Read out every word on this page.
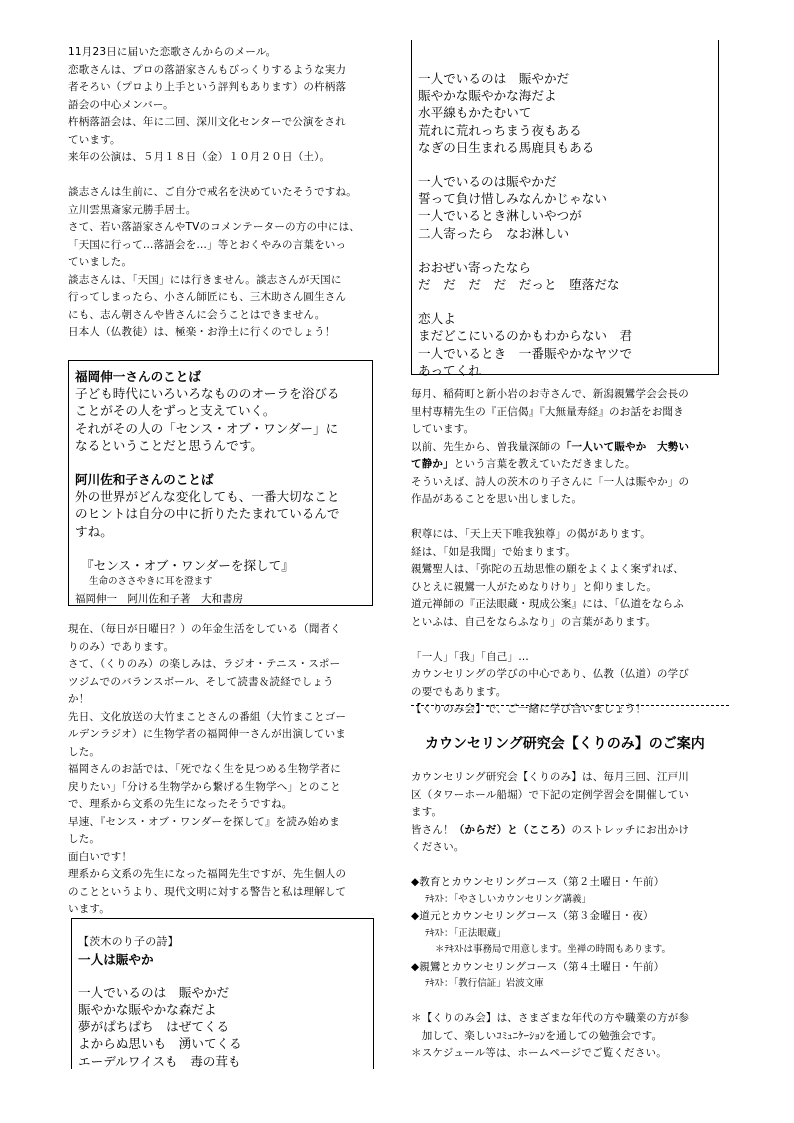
11月23日に届いた恋歌さんからのメール。

恋歌さんは、プロの落語家さんもびっくりするような実力

者そろい（プロより上手という評判もあります）の杵柄落

語会の中心メンバー。

杵柄落語会は、年に二回、深川文化センターで公演をされ

ています。

来年の公演は、５月１８日（金）１０月２０日（土）。

談志さんは生前に、ご自分で戒名を決めていたそうですね。

立川雲黒斎家元勝手居士。

さて、若い落語家さんやTVのコメンテーターの方の中には、

「天国に行って…落語会を…」等とおくやみの言葉をいっ

ていました。

談志さんは、「天国」には行きません。談志さんが天国に

行ってしまったら、小さん師匠にも、三木助さん圓生さん

にも、志ん朝さんや皆さんに会うことはできません。

日本人（仏教徒）は、極楽・お浄土に行くのでしょう！

福岡伸一さんのことば

子ども時代にいろいろなもののオーラを浴びる

ことがその人をずっと支えていく。

それがその人の「センス・オブ・ワンダー」に

なるということだと思うんです。

阿川佐和子さんのことば

外の世界がどんな変化しても、一番大切なこと

のヒントは自分の中に折りたたまれているんで

すね。

『センス・オブ・ワンダーを探して』

生命のささやきに耳を澄ます

福岡伸一　阿川佐和子著　大和書房

現在、（毎日が日曜日？）の年金生活をしている（聞者く

りのみ）であります。

さて、（くりのみ）の楽しみは、ラジオ・テニス・スポー

ツジムでのバランスボール、そして読書＆読経でしょう

か！

先日、文化放送の大竹まことさんの番組（大竹まことゴー

ルデンラジオ）に生物学者の福岡伸一さんが出演していま

した。

福岡さんのお話では、「死でなく生を見つめる生物学者に

戻りたい」「分ける生物学から繋げる生物学へ」とのこと

で、理系から文系の先生になったそうですね。

早速、『センス・オブ・ワンダーを探して』を読み始めま

した。

面白いです！

理系から文系の先生になった福岡先生ですが、先生個人の

のことというより、現代文明に対する警告と私は理解して

います。

【茨木のり子の詩】

一人は賑やか

一人でいるのは　賑やかだ

賑やかな賑やかな森だよ

夢がぱちぱち　はぜてくる

よからぬ思いも　湧いてくる

エーデルワイスも　毒の茸も

一人でいるのは　賑やかだ

賑やかな賑やかな海だよ

水平線もかたむいて

荒れに荒れっちまう夜もある

なぎの日生まれる馬鹿貝もある

一人でいるのは賑やかだ

誓って負け惜しみなんかじゃない

一人でいるとき淋しいやつが

二人寄ったら　なお淋しい

おおぜい寄ったなら

だ　だ　だ　だ　だっと　堕落だな

恋人よ

まだどこにいるのかもわからない　君

一人でいるとき　一番賑やかなヤツで

あってくれ

毎月、稲荷町と新小岩のお寺さんで、新潟親鸞学会会長の

里村専精先生の『正信偈』『大無量寿経』のお話をお聞き

しています。

以前、先生から、曽我量深師の「一人いて賑やか　大勢い

て静か」という言葉を教えていただきました。

そういえば、詩人の茨木のり子さんに「一人は賑やか」の

作品があることを思い出しました。

釈尊には、「天上天下唯我独尊」の偈があります。

経は、「如是我聞」で始まります。

親鸞聖人は、「弥陀の五劫思惟の願をよくよく案ずれば、

ひとえに親鸞一人がためなりけり」と仰りました。

道元禅師の『正法眼蔵・現成公案』には、「仏道をならふ

といふは、自己をならふなり」の言葉があります。

「一人」「我」「自己」…

カウンセリングの学びの中心であり、仏教（仏道）の学び

の要でもあります。

【くりのみ会】で、ご一緒に学び合いましょう！

カウンセリング研究会【くりのみ】のご案内

カウンセリング研究会【くりのみ】は、毎月三回、江戸川

区（タワーホール船堀）で下記の定例学習会を開催してい

ます。

皆さん！（からだ）と（こころ）のストレッチにお出かけ

ください。

◆教育とカウンセリングコース（第２土曜日・午前）

ﾃｷｽﾄ：「やさしいカウンセリング講義」

◆道元とカウンセリングコース（第３金曜日・夜）

ﾃｷｽﾄ：「正法眼蔵」

＊ﾃｷｽﾄは事務局で用意します。坐禅の時間もあります。

◆親鸞とカウンセリングコース（第４土曜日・午前）

ﾃｷｽﾄ：「教行信証」岩波文庫

＊【くりのみ会】は、さまざまな年代の方や職業の方が参

　加して、楽しいｺﾐｭﾆｹｰｼｮﾝを通しての勉強会です。

＊スケジュール等は、ホームページでご覧ください。
